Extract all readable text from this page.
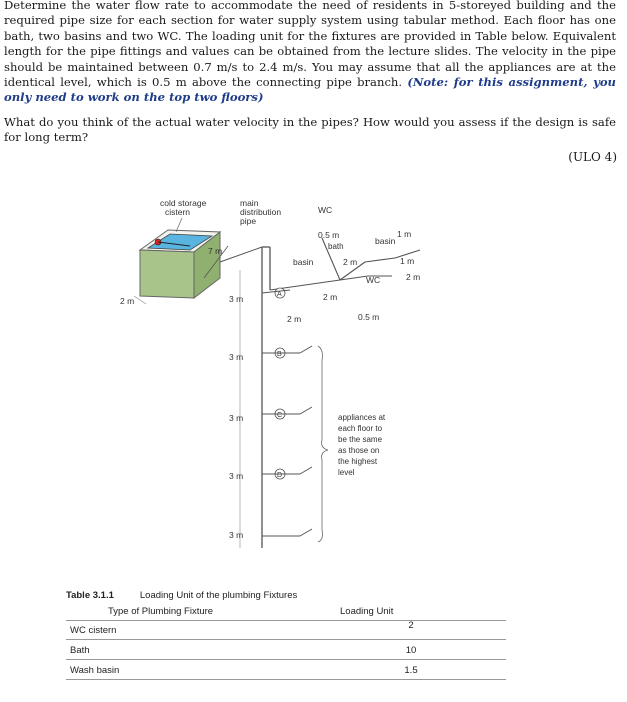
Determine the water flow rate to accommodate the need of residents in 5-storeyed building and the required pipe size for each section for water supply system using tabular method. Each floor has one bath, two basins and two WC. The loading unit for the fixtures are provided in Table below. Equivalent length for the pipe fittings and values can be obtained from the lecture slides. The velocity in the pipe should be maintained between 0.7 m/s to 2.4 m/s. You may assume that all the appliances are at the identical level, which is 0.5 m above the connecting pipe branch. (Note: for this assignment, you only need to work on the top two floors)
What do you think of the actual water velocity in the pipes? How would you assess if the design is safe for long term?
(ULO 4)
cold storage
cistern
main
distribution
pipe
7 m
2 m	3 m
3 m
3 m
3 m
3 m
A
B
C
D
WC
0.5 m
bath
basin
1 m
1 m
basin	2 m
WC
2 m
2 m
2 m
0.5 m
appliances at
each floor to
be the same
as those on
the highest
level
Table 3.1.1	Loading Unit of the plumbing Fixtures
Type of Plumbing Fixture	Loading Unit
WC cistern	2
Bath	10
Wash basin	1.5
